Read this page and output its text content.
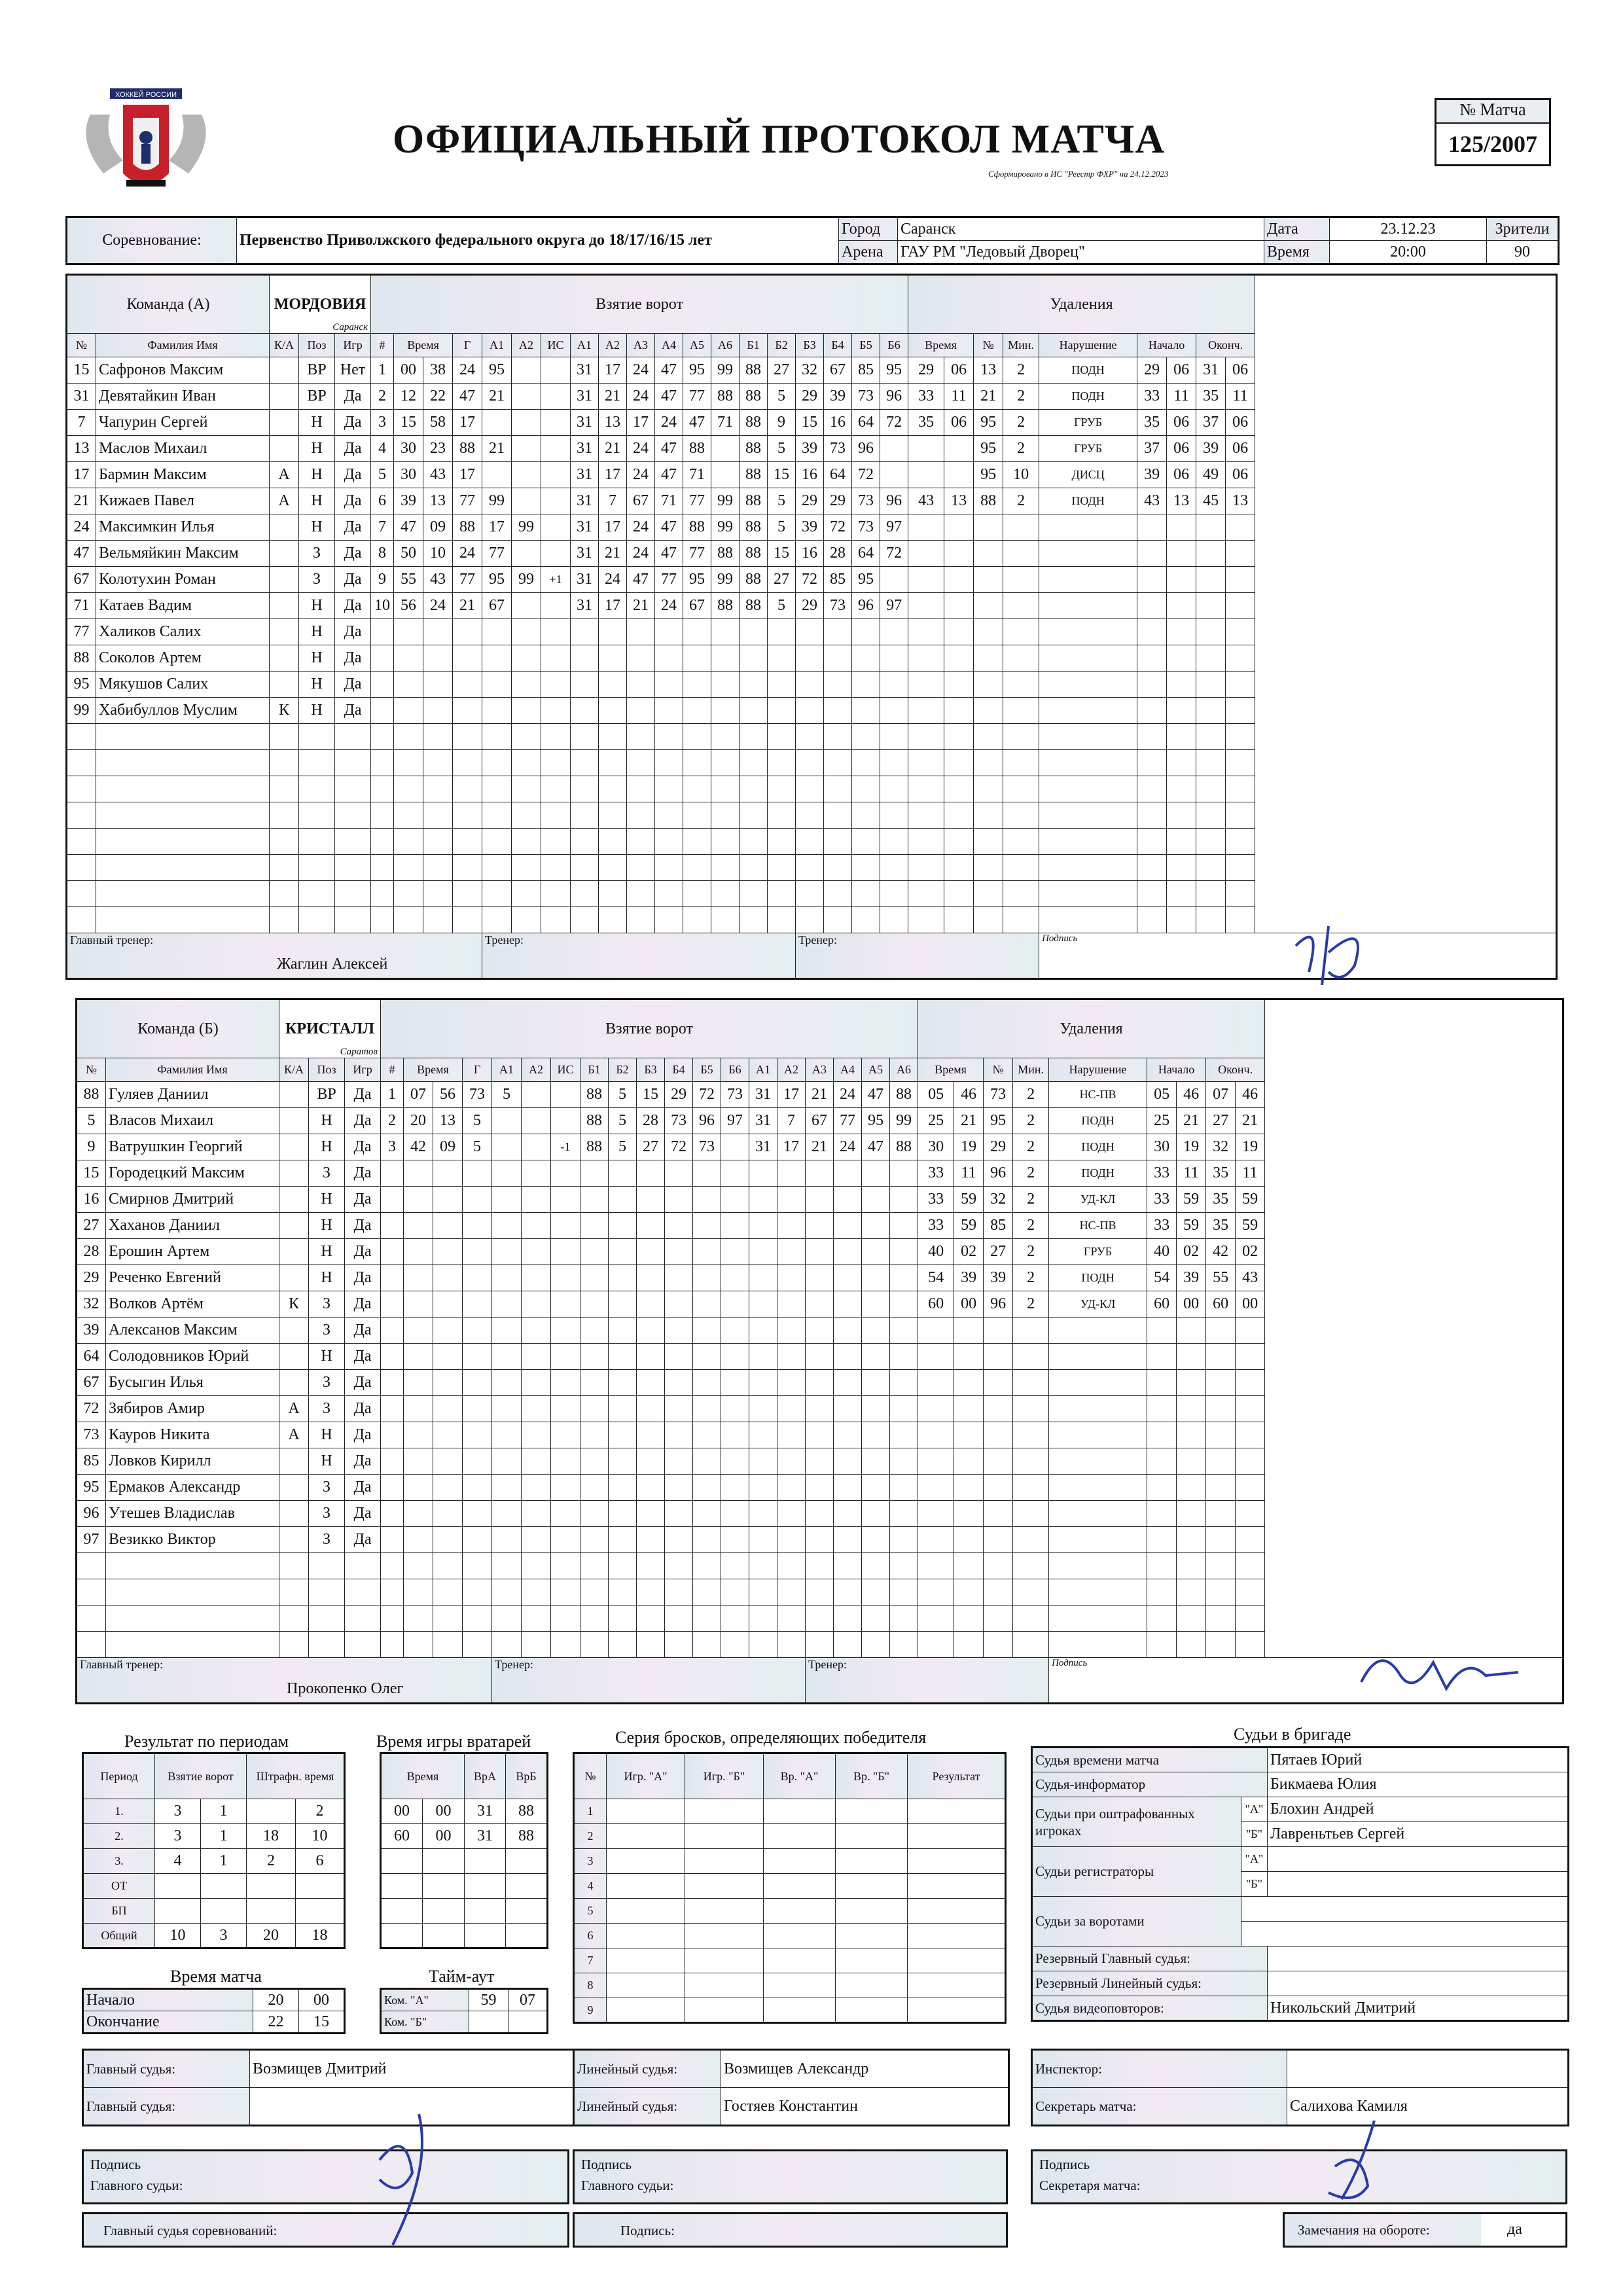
ХОККЕЙ РОССИИ
ОФИЦИАЛЬНЫЙ ПРОТОКОЛ МАТЧА
Сформировано в ИС "Реестр ФХР" на 24.12.2023
№ Матча
125/2007
Соревнование:	Первенство Приволжского федерального округа до 18/17/16/15 лет	Город	Саранск	Дата	23.12.23	Зрители
		Арена	ГАУ РМ "Ледовый Дворец"	Время	20:00	90
Команда (А)		МОРДОВИЯ
Саранск			Взятие ворот																			Удаления								
№	Фамилия Имя	К/А	Поз	Игр	#	Время		Г	А1	А2	ИС	А1	А2	А3	А4	А5	А6	Б1	Б2	Б3	Б4	Б5	Б6	Время		№	Мин.	Нарушение	Начало		Оконч.	
15	Сафронов Максим		ВР	Нет	1	00	38	24	95			31	17	24	47	95	99	88	27	32	67	85	95	29	06	13	2	ПОДН	29	06	31	06
31	Девятайкин Иван		ВР	Да	2	12	22	47	21			31	21	24	47	77	88	88	5	29	39	73	96	33	11	21	2	ПОДН	33	11	35	11
7	Чапурин Сергей		Н	Да	3	15	58	17				31	13	17	24	47	71	88	9	15	16	64	72	35	06	95	2	ГРУБ	35	06	37	06
13	Маслов Михаил		Н	Да	4	30	23	88	21			31	21	24	47	88		88	5	39	73	96				95	2	ГРУБ	37	06	39	06
17	Бармин Максим	А	Н	Да	5	30	43	17				31	17	24	47	71		88	15	16	64	72				95	10	ДИСЦ	39	06	49	06
21	Кижаев Павел	А	Н	Да	6	39	13	77	99			31	7	67	71	77	99	88	5	29	29	73	96	43	13	88	2	ПОДН	43	13	45	13
24	Максимкин Илья		Н	Да	7	47	09	88	17	99		31	17	24	47	88	99	88	5	39	72	73	97									
47	Вельмяйкин Максим		З	Да	8	50	10	24	77			31	21	24	47	77	88	88	15	16	28	64	72									
67	Колотухин Роман		З	Да	9	55	43	77	95	99	+1	31	24	47	77	95	99	88	27	72	85	95										
71	Катаев Вадим		Н	Да	10	56	24	21	67			31	17	21	24	67	88	88	5	29	73	96	97									
77	Халиков Салих		Н	Да																												
88	Соколов Артем		Н	Да																												
95	Мякушов Салих		Н	Да																												
99	Хабибуллов Муслим	К	Н	Да																												

Главный тренер:
Жаглин Алексей									Тренер:											Тренер:								Подпись				
Команда (Б)		КРИСТАЛЛ
Саратов			Взятие ворот																			Удаления								
№	Фамилия Имя	К/А	Поз	Игр	#	Время		Г	А1	А2	ИС	Б1	Б2	Б3	Б4	Б5	Б6	А1	А2	А3	А4	А5	А6	Время		№	Мин.	Нарушение	Начало		Оконч.	
88	Гуляев Даниил		ВР	Да	1	07	56	73	5			88	5	15	29	72	73	31	17	21	24	47	88	05	46	73	2	НС-ПВ	05	46	07	46
5	Власов Михаил		Н	Да	2	20	13	5				88	5	28	73	96	97	31	7	67	77	95	99	25	21	95	2	ПОДН	25	21	27	21
9	Ватрушкин Георгий		Н	Да	3	42	09	5			-1	88	5	27	72	73		31	17	21	24	47	88	30	19	29	2	ПОДН	30	19	32	19
15	Городецкий Максим		З	Да																				33	11	96	2	ПОДН	33	11	35	11
16	Смирнов Дмитрий		Н	Да																				33	59	32	2	УД-КЛ	33	59	35	59
27	Хаханов Даниил		Н	Да																				33	59	85	2	НС-ПВ	33	59	35	59
28	Ерошин Артем		Н	Да																				40	02	27	2	ГРУБ	40	02	42	02
29	Реченко Евгений		Н	Да																				54	39	39	2	ПОДН	54	39	55	43
32	Волков Артём	К	З	Да																				60	00	96	2	УД-КЛ	60	00	60	00
39	Алексанов Максим		З	Да																												
64	Солодовников Юрий		Н	Да																												
67	Бусыгин Илья		З	Да																												
72	Зябиров Амир	А	З	Да																												
73	Кауров Никита	А	Н	Да																												
85	Ловков Кирилл		Н	Да																												
95	Ермаков Александр		З	Да																												
96	Утешев Владислав		З	Да																												
97	Везикко Виктор		З	Да																												

Главный тренер:
Прокопенко Олег									Тренер:											Тренер:								Подпись				
Результат по периодам
Период	Взятие ворот		Штрафн. время	
1.	3	1		2
2.	3	1	18	10
3.	4	1	2	6
ОТ				
БП				
Общий	10	3	20	18
Время игры вратарей
Время		ВрА	ВрБ
00	00	31	88
60	00	31	88

Время матча
Начало	20	00
Окончание	22	15
Тайм-аут
Ком. "А"	59	07
Ком. "Б"		
Серия бросков, определяющих победителя
№	Игр. "А"	Игр. "Б"	Вр. "А"	Вр. "Б"	Результат
1					
2					
3					
4					
5					
6					
7					
8					
9					
Судьи в бригаде
Судья времени матча		Пятаев Юрий
Судья-информатор		Бикмаева Юлия
Судьи при оштрафованных игроках	"А"	Блохин Андрей
	"Б"	Лавреньтьев Сергей
Судьи регистраторы	"А"	
	"Б"	
Судьи за воротами		

Резервный Главный судья:		
Резервный Линейный судья:		
Судья видеоповторов:		Никольский Дмитрий
Главный судья:	Возмищев Дмитрий
Главный судья:	
Линейный судья:	Возмищев Александр
Линейный судья:	Гостяев Константин
Инспектор:	
Секретарь матча:	Салихова Камиля
Подпись
Главного судьи:
Подпись
Главного судьи:
Подпись
Секретаря матча:
Главный судья соревнований:	Подпись:	Замечания на обороте:	да
